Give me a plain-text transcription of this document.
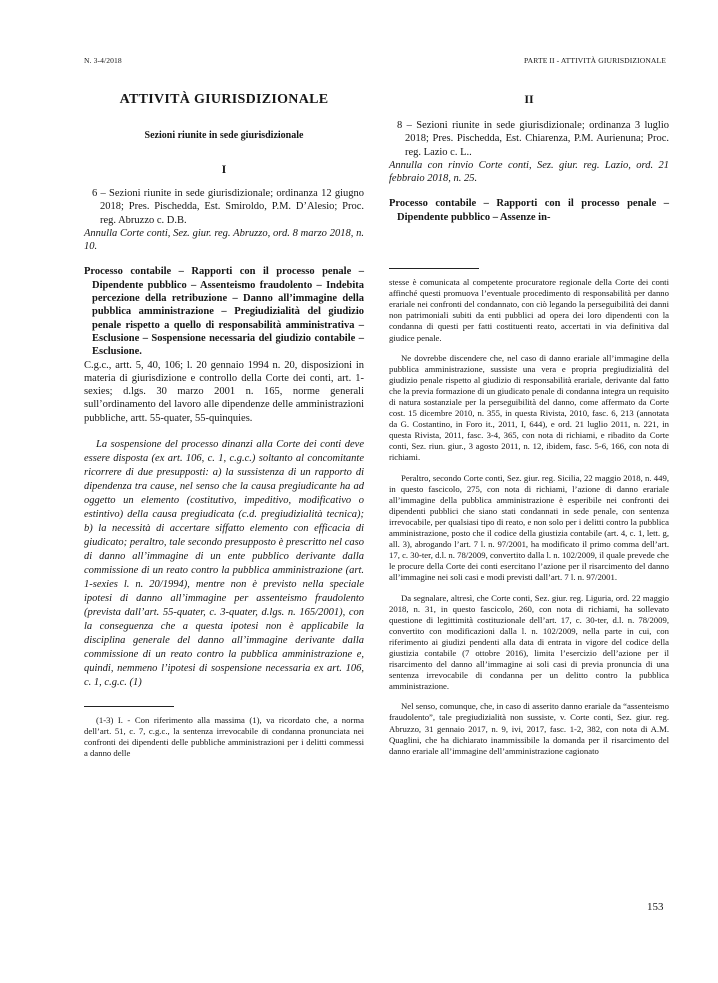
N. 3-4/2018	PARTE II - ATTIVITÀ GIURISDIZIONALE

ATTIVITÀ GIURISDIZIONALE

Sezioni riunite in sede giurisdizionale

I

6 – Sezioni riunite in sede giurisdizionale; ordinanza 12 giugno 2018; Pres. Pischedda, Est. Smiroldo, P.M. D’Alesio; Proc. reg. Abruzzo c. D.B.

Annulla Corte conti, Sez. giur. reg. Abruzzo, ord. 8 marzo 2018, n. 10.

Processo contabile – Rapporti con il processo penale – Dipendente pubblico – Assenteismo fraudolento – Indebita percezione della retribuzione – Danno all’immagine della pubblica amministrazione – Pregiudizialità del giudizio penale rispetto a quello di responsabilità amministrativa – Esclusione – Sospensione necessaria del giudizio contabile – Esclusione.

C.g.c., artt. 5, 40, 106; l. 20 gennaio 1994 n. 20, disposizioni in materia di giurisdizione e controllo della Corte dei conti, art. 1-sexies; d.lgs. 30 marzo 2001 n. 165, norme generali sull’ordinamento del lavoro alle dipendenze delle amministrazioni pubbliche, artt. 55-quater, 55-quinquies.

La sospensione del processo dinanzi alla Corte dei conti deve essere disposta (ex art. 106, c. 1, c.g.c.) soltanto al concomitante ricorrere di due presupposti: a) la sussistenza di un rapporto di dipendenza tra cause, nel senso che la causa pregiudicante ha ad oggetto un elemento (costitutivo, impeditivo, modificativo o estintivo) della causa pregiudicata (c.d. pregiudizialità tecnica); b) la necessità di accertare siffatto elemento con efficacia di giudicato; peraltro, tale secondo presupposto è prescritto nel caso di danno all’immagine di un ente pubblico derivante dalla commissione di un reato contro la pubblica amministrazione (art. 1-sexies l. n. 20/1994), mentre non è previsto nella speciale ipotesi di danno all’immagine per assenteismo fraudolento (prevista dall’art. 55-quater, c. 3-quater, d.lgs. n. 165/2001), con la conseguenza che a questa ipotesi non è applicabile la disciplina generale del danno all’immagine derivante dalla commissione di un reato contro la pubblica amministrazione e, quindi, nemmeno l’ipotesi di sospensione necessaria ex art. 106, c. 1, c.g.c. (1)

(1-3) I. - Con riferimento alla massima (1), va ricordato che, a norma dell’art. 51, c. 7, c.g.c., la sentenza irrevocabile di condanna pronunciata nei confronti dei dipendenti delle pubbliche amministrazioni per i delitti commessi a danno delle

II

8 – Sezioni riunite in sede giurisdizionale; ordinanza 3 luglio 2018; Pres. Pischedda, Est. Chiarenza, P.M. Aurienuna; Proc. reg. Lazio c. L..

Annulla con rinvio Corte conti, Sez. giur. reg. Lazio, ord. 21 febbraio 2018, n. 25.

Processo contabile – Rapporti con il processo penale – Dipendente pubblico – Assenze in-

stesse è comunicata al competente procuratore regionale della Corte dei conti affinché questi promuova l’eventuale procedimento di responsabilità per danno erariale nei confronti del condannato, con ciò legando la perseguibilità dei danni non patrimoniali subiti da enti pubblici ad opera dei loro dipendenti con la condanna di questi per fatti costituenti reato, accertati in via definitiva dal giudice penale.

Ne dovrebbe discendere che, nel caso di danno erariale all’immagine della pubblica amministrazione, sussiste una vera e propria pregiudizialità del giudizio penale rispetto al giudizio di responsabilità erariale, derivante dal fatto che la previa formazione di un giudicato penale di condanna integra un requisito di natura sostanziale per la perseguibilità del danno, come affermato da Corte cost. 15 dicembre 2010, n. 355, in questa Rivista, 2010, fasc. 6, 213 (annotata da G. Costantino, in Foro it., 2011, I, 644), e ord. 21 luglio 2011, n. 221, in questa Rivista, 2011, fasc. 3-4, 365, con nota di richiami, e ribadito da Corte conti, Sez. riun. giur., 3 agosto 2011, n. 12, ibidem, fasc. 5-6, 166, con nota di richiami.

Peraltro, secondo Corte conti, Sez. giur. reg. Sicilia, 22 maggio 2018, n. 449, in questo fascicolo, 275, con nota di richiami, l’azione di danno erariale all’immagine della pubblica amministrazione è esperibile nei confronti dei dipendenti pubblici che siano stati condannati in sede penale, con sentenza irrevocabile, per qualsiasi tipo di reato, e non solo per i delitti contro la pubblica amministrazione, posto che il codice della giustizia contabile (art. 4, c. 1, lett. g, all. 3), abrogando l’art. 7 l. n. 97/2001, ha modificato il primo comma dell’art. 17, c. 30-ter, d.l. n. 78/2009, convertito dalla l. n. 102/2009, il quale prevede che le procure della Corte dei conti esercitano l’azione per il risarcimento del danno all’immagine nei soli casi e modi previsti dall’art. 7 l. n. 97/2001.

Da segnalare, altresì, che Corte conti, Sez. giur. reg. Liguria, ord. 22 maggio 2018, n. 31, in questo fascicolo, 260, con nota di richiami, ha sollevato questione di legittimità costituzionale dell’art. 17, c. 30-ter, d.l. n. 78/2009, convertito con modificazioni dalla l. n. 102/2009, nella parte in cui, con riferimento ai giudizi pendenti alla data di entrata in vigore del codice della giustizia contabile (7 ottobre 2016), limita l’esercizio dell’azione per il risarcimento del danno all’immagine ai soli casi di previa pronuncia di una sentenza irrevocabile di condanna per un delitto contro la pubblica amministrazione.

Nel senso, comunque, che, in caso di asserito danno erariale da “assenteismo fraudolento”, tale pregiudizialità non sussiste, v. Corte conti, Sez. giur. reg. Abruzzo, 31 gennaio 2017, n. 9, ivi, 2017, fasc. 1-2, 382, con nota di A.M. Quaglini, che ha dichiarato inammissibile la domanda per il risarcimento del danno erariale all’immagine dell’amministrazione cagionato

153
